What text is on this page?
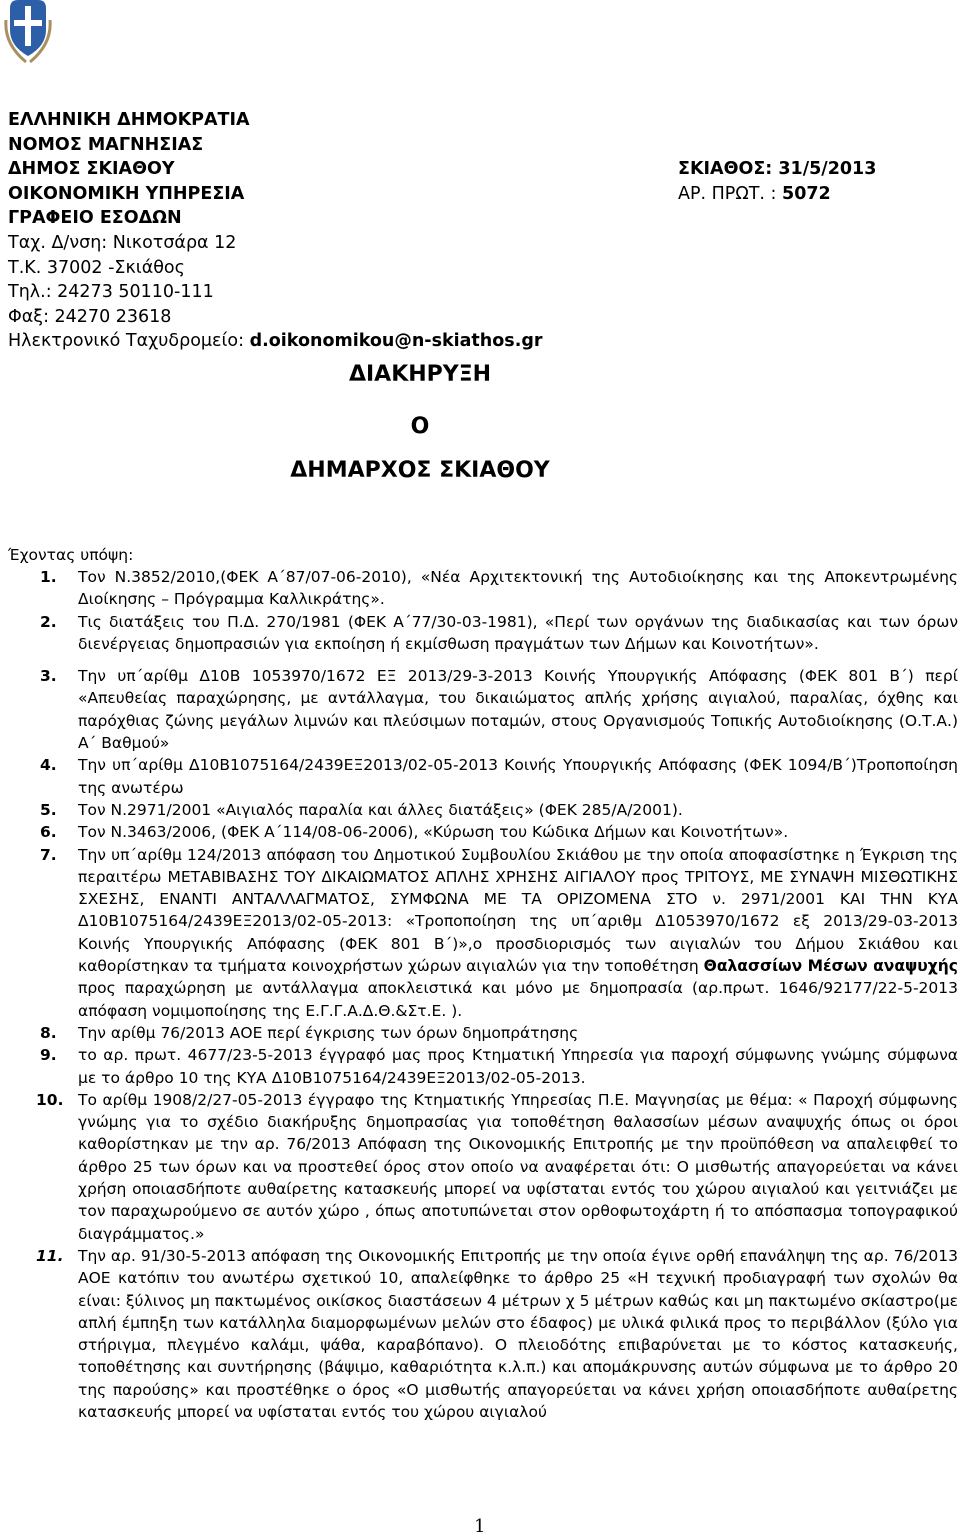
ΕΛΛΗΝΙΚΗ ΔΗΜΟΚΡΑΤΙΑ
ΝΟΜΟΣ ΜΑΓΝΗΣΙΑΣ
ΔΗΜΟΣ ΣΚΙΑΘΟΥ	ΣΚΙΑΘΟΣ: 31/5/2013
ΟΙΚΟΝΟΜΙΚΗ ΥΠΗΡΕΣΙΑ	ΑΡ. ΠΡΩΤ. : 5072
ΓΡΑΦΕΙΟ ΕΣΟΔΩΝ
Ταχ. Δ/νση: Νικοτσάρα 12
Τ.Κ. 37002 -Σκιάθος
Τηλ.: 24273 50110-111
Φαξ: 24270 23618
Ηλεκτρονικό Ταχυδρομείο: d.oikonomikou@n-skiathos.gr
ΔΙΑΚΗΡΥΞΗ
Ο
ΔΗΜΑΡΧΟΣ ΣΚΙΑΘΟΥ
Έχοντας υπόψη:
1. Τον Ν.3852/2010,(ΦΕΚ Α΄87/07-06-2010), «Νέα Αρχιτεκτονική της Αυτοδιοίκησης και της Αποκεντρωμένης Διοίκησης – Πρόγραμμα Καλλικράτης».
2. Τις διατάξεις του Π.Δ. 270/1981 (ΦΕΚ Α΄77/30-03-1981), «Περί των οργάνων της διαδικασίας και των όρων διενέργειας δημοπρασιών για εκποίηση ή εκμίσθωση πραγμάτων των Δήμων και Κοινοτήτων».
3. Την υπ΄αρίθμ Δ10Β 1053970/1672 ΕΞ 2013/29-3-2013 Κοινής Υπουργικής Απόφασης (ΦΕΚ 801 Β΄) περί «Απευθείας παραχώρησης, με αντάλλαγμα, του δικαιώματος απλής χρήσης αιγιαλού, παραλίας, όχθης και παρόχθιας ζώνης μεγάλων λιμνών και πλεύσιμων ποταμών, στους Οργανισμούς Τοπικής Αυτοδιοίκησης (Ο.Τ.Α.) Α΄ Βαθμού»
4. Την υπ΄αρίθμ Δ10Β1075164/2439ΕΞ2013/02-05-2013 Κοινής Υπουργικής Απόφασης (ΦΕΚ 1094/Β΄)Τροποποίηση της ανωτέρω
5. Τον Ν.2971/2001 «Αιγιαλός παραλία και άλλες διατάξεις» (ΦΕΚ 285/Α/2001).
6. Τον Ν.3463/2006, (ΦΕΚ Α΄114/08-06-2006), «Κύρωση του Κώδικα Δήμων και Κοινοτήτων».
7. Την υπ΄αρίθμ 124/2013 απόφαση του Δημοτικού Συμβουλίου Σκιάθου με την οποία αποφασίστηκε η Έγκριση της περαιτέρω ΜΕΤΑΒΙΒΑΣΗΣ ΤΟΥ ΔΙΚΑΙΩΜΑΤΟΣ ΑΠΛΗΣ ΧΡΗΣΗΣ ΑΙΓΙΑΛΟΥ προς ΤΡΙΤΟΥΣ, ΜΕ ΣΥΝΑΨΗ ΜΙΣΘΩΤΙΚΗΣ ΣΧΕΣΗΣ, ΕΝΑΝΤΙ ΑΝΤΑΛΛΑΓΜΑΤΟΣ, ΣΥΜΦΩΝΑ ΜΕ ΤΑ ΟΡΙΖΟΜΕΝΑ ΣΤΟ ν. 2971/2001 ΚΑΙ ΤΗΝ ΚΥΑ Δ10Β1075164/2439ΕΞ2013/02-05-2013: «Τροποποίηση της υπ΄αριθμ Δ1053970/1672 εξ 2013/29-03-2013 Κοινής Υπουργικής Απόφασης (ΦΕΚ 801 Β΄)»,ο προσδιορισμός των αιγιαλών του Δήμου Σκιάθου και καθορίστηκαν τα τμήματα κοινοχρήστων χώρων αιγιαλών για την τοποθέτηση Θαλασσίων Μέσων αναψυχής προς παραχώρηση με αντάλλαγμα αποκλειστικά και μόνο με δημοπρασία (αρ.πρωτ. 1646/92177/22-5-2013 απόφαση νομιμοποίησης της Ε.Γ.Γ.Α.Δ.Θ.&Στ.Ε. ).
8. Την αρίθμ 76/2013 ΑΟΕ περί έγκρισης των όρων δημοπράτησης
9. το αρ. πρωτ. 4677/23-5-2013 έγγραφό μας προς Κτηματική Υπηρεσία για παροχή σύμφωνης γνώμης σύμφωνα με το άρθρο 10 της ΚΥΑ Δ10Β1075164/2439ΕΞ2013/02-05-2013.
10. Το αρίθμ 1908/2/27-05-2013 έγγραφο της Κτηματικής Υπηρεσίας Π.Ε. Μαγνησίας με θέμα: « Παροχή σύμφωνης γνώμης για το σχέδιο διακήρυξης δημοπρασίας για τοποθέτηση θαλασσίων μέσων αναψυχής όπως οι όροι καθορίστηκαν με την αρ. 76/2013 Απόφαση της Οικονομικής Επιτροπής με την προϋπόθεση να απαλειφθεί το άρθρο 25 των όρων και να προστεθεί όρος στον οποίο να αναφέρεται ότι: Ο μισθωτής απαγορεύεται να κάνει χρήση οποιασδήποτε αυθαίρετης κατασκευής μπορεί να υφίσταται εντός του χώρου αιγιαλού και γειτνιάζει με τον παραχωρούμενο σε αυτόν χώρο , όπως αποτυπώνεται στον ορθοφωτοχάρτη ή το απόσπασμα τοπογραφικού διαγράμματος.»
11. Την αρ. 91/30-5-2013 απόφαση της Οικονομικής Επιτροπής με την οποία έγινε ορθή επανάληψη της αρ. 76/2013 ΑΟΕ κατόπιν του ανωτέρω σχετικού 10, απαλείφθηκε το άρθρο 25 «Η τεχνική προδιαγραφή των σχολών θα είναι: ξύλινος μη πακτωμένος οικίσκος διαστάσεων 4 μέτρων χ 5 μέτρων καθώς και μη πακτωμένο σκίαστρο(με απλή έμπηξη των κατάλληλα διαμορφωμένων μελών στο έδαφος) με υλικά φιλικά προς το περιβάλλον (ξύλο για στήριγμα, πλεγμένο καλάμι, ψάθα, καραβόπανο). Ο πλειοδότης επιβαρύνεται με το κόστος κατασκευής, τοποθέτησης και συντήρησης (βάψιμο, καθαριότητα κ.λ.π.) και απομάκρυνσης αυτών σύμφωνα με το άρθρο 20 της παρούσης» και προστέθηκε ο όρος «Ο μισθωτής απαγορεύεται να κάνει χρήση οποιασδήποτε αυθαίρετης κατασκευής μπορεί να υφίσταται εντός του χώρου αιγιαλού
1
